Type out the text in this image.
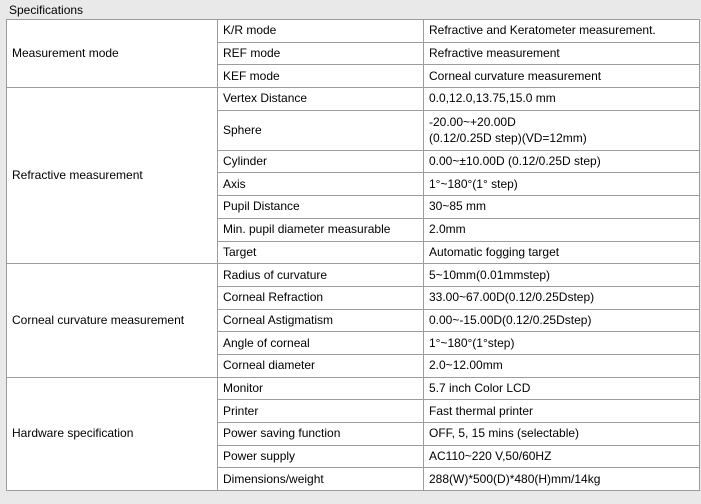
Specifications
Measurement mode	K/R mode	Refractive and Keratometer measurement.
	REF mode	Refractive measurement
	KEF mode	Corneal curvature measurement
Refractive measurement	Vertex Distance	0.0,12.0,13.75,15.0 mm
	Sphere	-20.00~+20.00D
(0.12/0.25D step)(VD=12mm)

	Cylinder	0.00~±10.00D (0.12/0.25D step)
	Axis	1°~180°(1° step)
	Pupil Distance	30~85 mm
	Min. pupil diameter measurable	2.0mm
	Target	Automatic fogging target
Corneal curvature measurement	Radius of curvature	5~10mm(0.01mmstep)
	Corneal Refraction	33.00~67.00D(0.12/0.25Dstep)
	Corneal Astigmatism	0.00~-15.00D(0.12/0.25Dstep)
	Angle of corneal	1°~180°(1°step)
	Corneal diameter	2.0~12.00mm
Hardware specification	Monitor	5.7 inch Color LCD
	Printer	Fast thermal printer
	Power saving function	OFF, 5, 15 mins (selectable)
	Power supply	AC110~220 V,50/60HZ
	Dimensions/weight	288(W)*500(D)*480(H)mm/14kg
